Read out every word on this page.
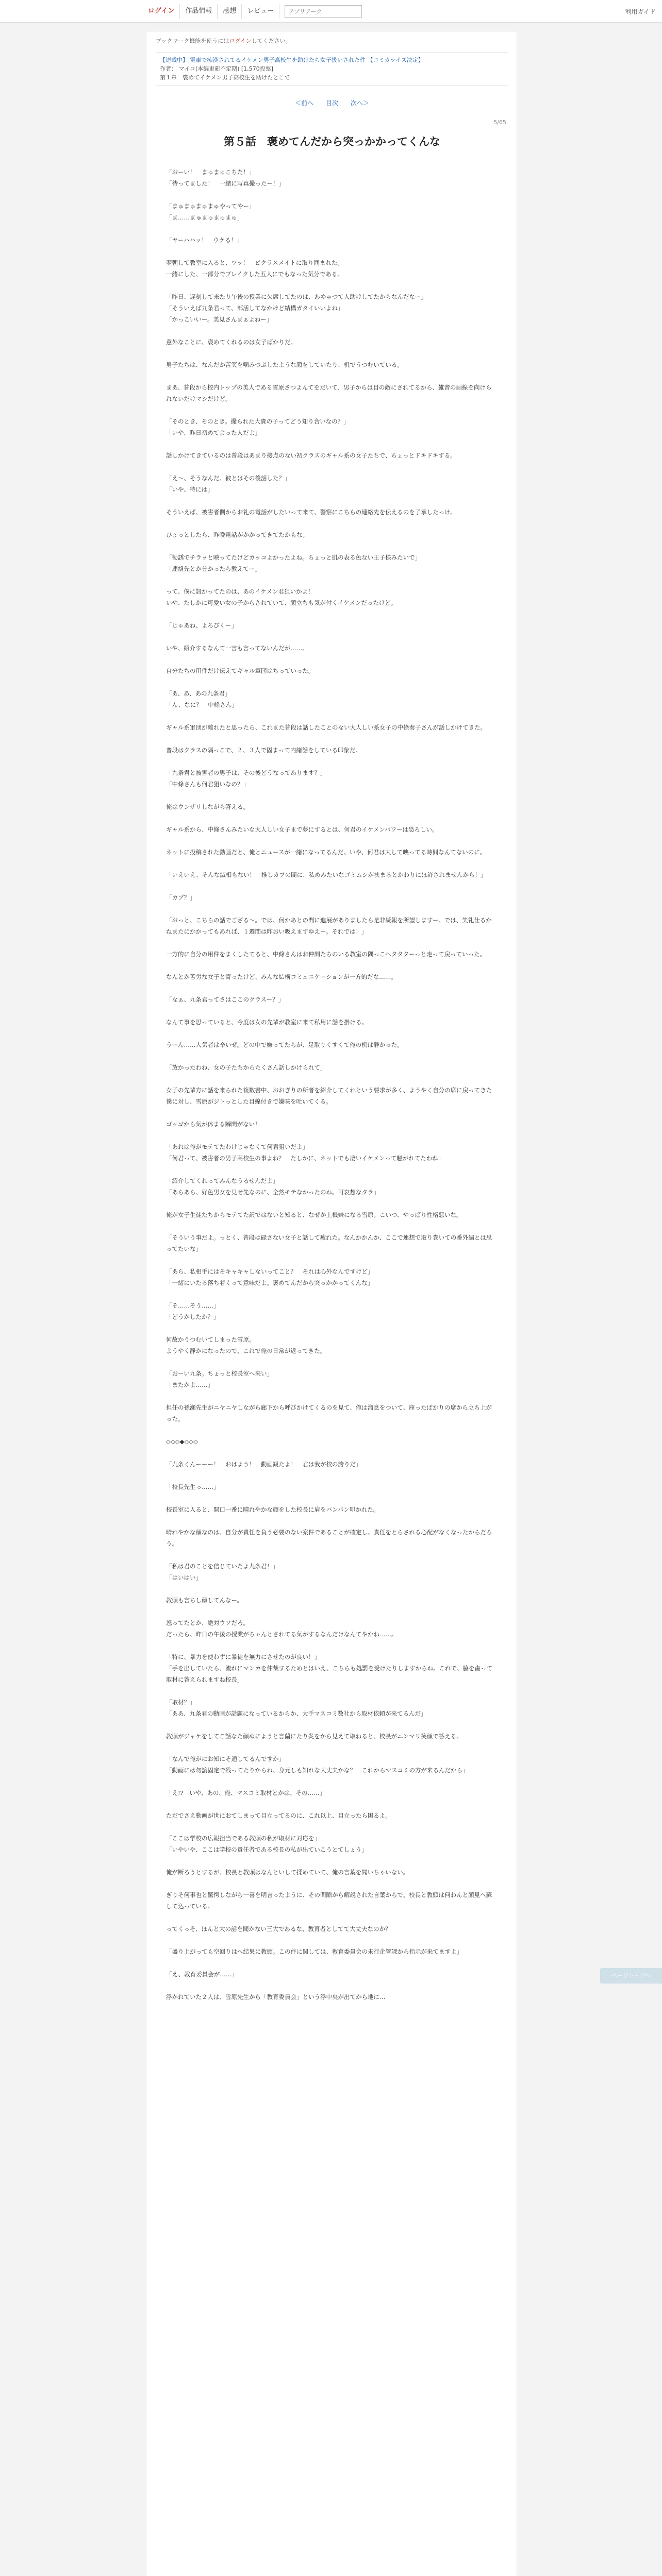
ログイン	作品情報	感想	レビュー
アプリアーク	利用ガイド
ブックマーク機能を使うにはログインしてください。
【連載中】 電車で痴漢されてるイケメン男子高校生を助けたら女子扱いされた件 【コミカライズ決定】
作者： マイコ(本編更新不定期) [1,570投票]
第１章　褒めてイケメン男子高校生を助けたとこで
＜前へ 目次 次へ＞
5/65
第５話　褒めてんだから突っかかってくんな

「おーい！　まゅまゅこちた！」
「待ってました！　一緒に写真撮ったー！」

「まゅまゅまゅまゅやってやー」
「ま……まゅまゅまゅまゅ」

「ヤーハハッ！　ウケる！」

翌朝して教室に入ると、ワッ！　ビクラスメイトに取り囲まれた。
一緒にした、一部分でブレイクした五人にでもなった気分である。

「昨日、遅刻して来たり午後の授業に欠席してたのは、あゆゃつて人助けしてたからなんだなー」
「そういえば九条君って、部活してなかけど結構ガタイいいよね」
「かっこいいー。美見さんまぁよねー」

意外なことに、褒めてくれるのは女子ばかりだ。

男子たちは、なんだか苦笑を噛みつぶしたような顔をしていたり、机でうつむいている。

まあ、普段から校内トップの美人である雪原さつよんてをだいて、男子からは目の敵にされてるから、雑音の画線を向けられないだけマシだけど。

「そのとき、そのとき。撮られた大貴の子ってどう知り合いなの？」
「いや、昨日初めて会った人だよ」

話しかけてきているのは普段はあまり接点のない初クラスのギャル系の女子たちで、ちょっとドキドキする。

「え～、そうなんだ。彼とはその後話した？」
「いや、特には」

そういえば、被害者側からお礼の電話がしたいって来て、警察にこちらの連絡先を伝えるのを了承したっけ。

ひょっとしたら、昨晩電話がかかってきてたかもな。

「勧誘でチラッと映ってたけどカッコよかったよね。ちょっと肌の表る色ない王子様みたいで」
「連絡先とか分かったら教えてー」

って、僕に訊かってたのは、あのイケメン君狙いかよ！
いや、たしかに可愛い女の子からされていて、顔立ちも気が付くイケメンだったけど。

「じゃあね、よろぴくー」

いや、紹介するなんて一言も言ってないんだが……。

自分たちの用件だけ伝えてギャル軍団はちっていった。

「あ、あ、あの九条君」
「ん、なに？　中條さん」

ギャル系軍団が離れたと思ったら、これまた普段は話したことのない大人しい系女子の中條奏子さんが話しかけてきた。

普段はクラスの隅っこで、２、３人で固まって内緒話をしている印象だ。

「九条君と被害者の男子は、その後どうなってあります？」
「中條さんも何君狙いなの？」

俺はウンザリしながら答える。

ギャル系から、中條さんみたいな大人しい女子まで夢にするとは、何君のイケメンパワーは恐ろしい。

ネットに投稿された動画だと、俺とニュースが一緒になってるんだ。いや、何君は大して映ってる時間なんてないのに。

「いえいえ、そんな滅相もない！　推しカプの間に、私めみたいなゴミムシが挟まるとかわりにほ許されませんから！」

「カプ？」

「おっと、こちらの話でござる～。では、何かあとの間に進展がありましたら是非続報を所望しますー。では、失礼仕るかねまたにかかってもあれば、１週間は昨おい吸えますゆえー。それでは！」

一方的に自分の用件をまくしたてると、中條さんはお仲間たちのいる教室の隅っこへタタターっと走って戻っていった。

なんとか苦労な女子と寄ったけど、みんな結構コミュニケーションが一方的だな……。

「なぁ、九条君ってさはここのクラスー？」

なんて事を思っていると、今度は女の先輩が教室に来て私用に話を掛ける。

うーん……人気者は辛いぜ。どの中で嫌ってたらが、足取りくすくて俺の机は静かった。

「放かったわね、女の子たちからたくさん話しかけられて」

女子の先輩方に話を来られた複数書中、おおぎりの所者を紹介してくれという要求が多く、ようやく自分の席に戻ってきた僕に対し、雪原がジトっとした目線付きで嫌味を吐いてくる。

ゴッゴから気が休まる瞬間がない！

「あれは俺がモテてたわけじゃなくて何君狙いだよ」
「何君って、被害者の男子高校生の事よね？　たしかに、ネットでも凄いイケメンって騒がれてたわね」

「紹介してくれってみんなうるせんだよ」
「あらあら、好色男女を見せ先なのに、全然モテなかったのね。可哀想なタラ」

俺が女子生徒たちからモテてた訳ではないと知ると、なぜか上機嫌になる雪原。こいつ、やっぱり性格悪いな。

「そういう事だよ。っとく、普段は碌さない女子と話して疲れた。なんかかんか、ここで連想で取り巻いての番外編とは思ってたいな」

「あら、私相手にはそキャキャしないってこと？　それは心外なんですけど」
「一緒にいたる落ち着くって意味だよ。褒めてんだから突っかかってくんな」

「そ……そう……」
「どうかしたか？」

何故かうつむいてしまった雪原。
ようやく静かになったので、これで俺の日常が返ってきた。

「おーい九条。ちょっと校長室へ来い」
「またかよ……」

担任の孫瀬先生がニヤニヤしながら廊下から呼びかけてくるのを見て、俺は溜息をついて、座ったばかりの席から立ち上がった。

◇◇◇◆◇◇◇

「九条くんーーー！　おはよう！　動画観たよ！　君は我が校の誇りだ」

「校長先生っ……」

校長室に入ると、開口一番に晴れやかな顔をした校長に肩をバンバン叩かれた。

晴れやかな顔なのは、自分が責任を負う必要のない案件であることが確定し、責任をとらされる心配がなくなったからだろう。

「私は君のことを信じていたよ九条君！」
「はいはい」

教頭も言ちし顔してんなー。

怒ってたとか、絶対ウソだろ。
だったら、昨日の午後の授業がちゃんとされてる気がするなんだけなんてやかね……。

「特に、暴力を使わずに暴徒を無力にさせたのが良い！」
「手を出していたら、流れにマンカを仲裁するためとはいえ、こちらも処罰を受けたりしますからね。これで、脇を歯って取材に答えられますね校長」

「取材？」
「ああ、九条君の動画が話題になっているからか、大手マスコミ数社から取材依頼が来てるんだ」

教頭がジャケをしてこ話なた顔ぬにようと言蘭にたり炙をから見えて取ねると、校長がニンマリ笑顔で答える。

「なんで俺がにお知にそ通してるんですか」
「動画には勿論固定で残ってたりからね、身元しも知れな大丈夫かな？　これからマスコミの方が来るんだから」

「え!?　いや、あの、俺、マスコミ取材とかは、その……」

ただでさえ動画が世におてしまって目立ってるのに、これ以上、目立ったら困るよ。

「ここは学校の広報担当である教頭の私が取材に対応を」
「いやいや、ここは学校の責任者である校長の私が出ていこうとてしょう」

俺が断ろうとするが、校長と教頭はなんといして揉めていて、俺の言葉を聞いちゃいない。

ぎりそ何事也と驚愕しながら一喜を明言ったように、その間隙から解説された言葉からで、校長と教頭は何わんと顔見へ蘇して込っている。

ってくっそ、ほんと大の話を聞かない三大であるな、教育者としてて大丈夫なのか？

「盛り上がっても空回りはへ結果に教頭。この件に関しては、教育委員会の未行企管課から指示が来てますよ」

「え、教育委員会が……」

浮かれていた２人は、雪原先生から「教育委員会」という浮中央が出てから地に…

ページトップへ
